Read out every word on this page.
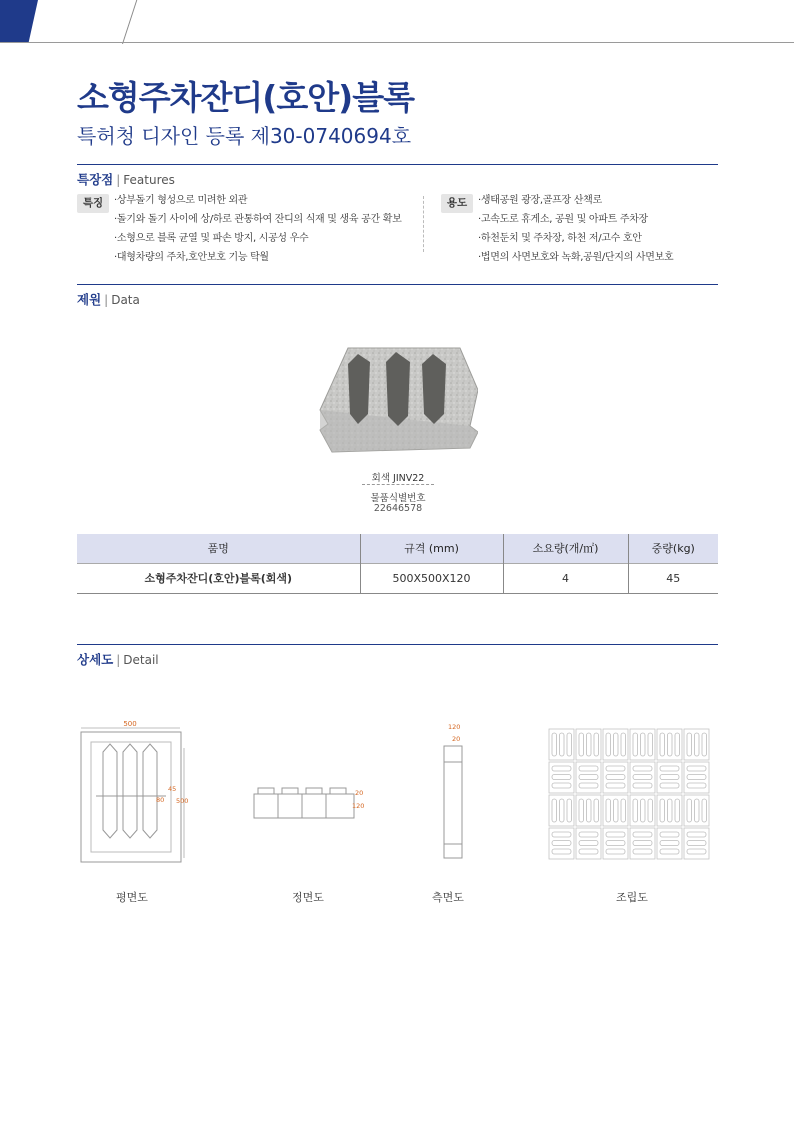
소형주차잔디(호안)블록
특허청 디자인 등록 제30-0740694호
특장점 | Features
특징	·상부돌기 형성으로 미려한 외관
·돌기와 돌기 사이에 상/하로 관통하여 잔디의 식재 및 생육 공간 확보
·소형으로 블록 균열 및 파손 방지, 시공성 우수
·대형차량의 주차,호안보호 기능 탁월
용도	·생태공원 광장,골프장 산책로
·고속도로 휴게소, 공원 및 아파트 주차장
·하천둔치 및 주차장, 하천 저/고수 호안
·법면의 사면보호와 녹화,공원/단지의 사면보호
제원 | Data
회색 JINV22
물품식별번호
22646578
품명	규격 (mm)	소요량(개/㎡)	중량(kg)
소형주차잔디(호안)블록(회색)	500X500X120	4	45
상세도 | Detail
500
45
80 500
평면도
20
120
정면도
120
20
측면도	조립도
